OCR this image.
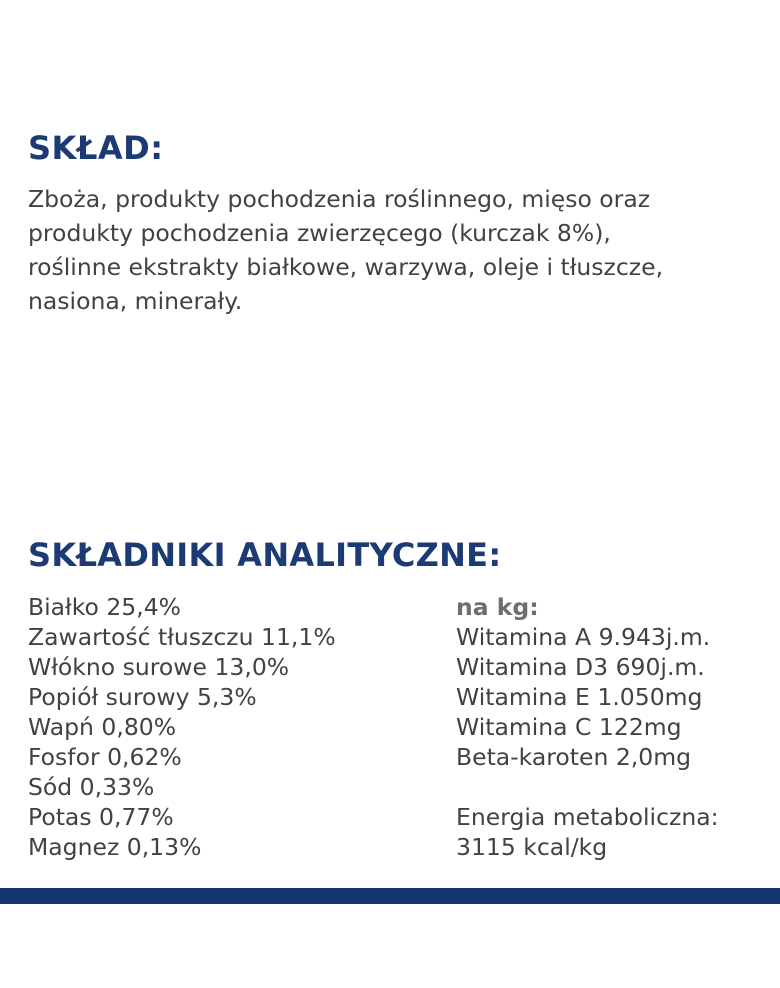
SKŁAD:

Zboża, produkty pochodzenia roślinnego, mięso oraz
produkty pochodzenia zwierzęcego (kurczak 8%),
roślinne ekstrakty białkowe, warzywa, oleje i tłuszcze,
nasiona, minerały.

SKŁADNIKI ANALITYCZNE:
Białko 25,4%
Zawartość tłuszczu 11,1%
Włókno surowe 13,0%
Popiół surowy 5,3%
Wapń 0,80%
Fosfor 0,62%
Sód 0,33%
Potas 0,77%
Magnez 0,13%
na kg:
Witamina A 9.943j.m.
Witamina D3 690j.m.
Witamina E 1.050mg
Witamina C 122mg
Beta-karoten 2,0mg
Energia metaboliczna:
3115 kcal/kg
